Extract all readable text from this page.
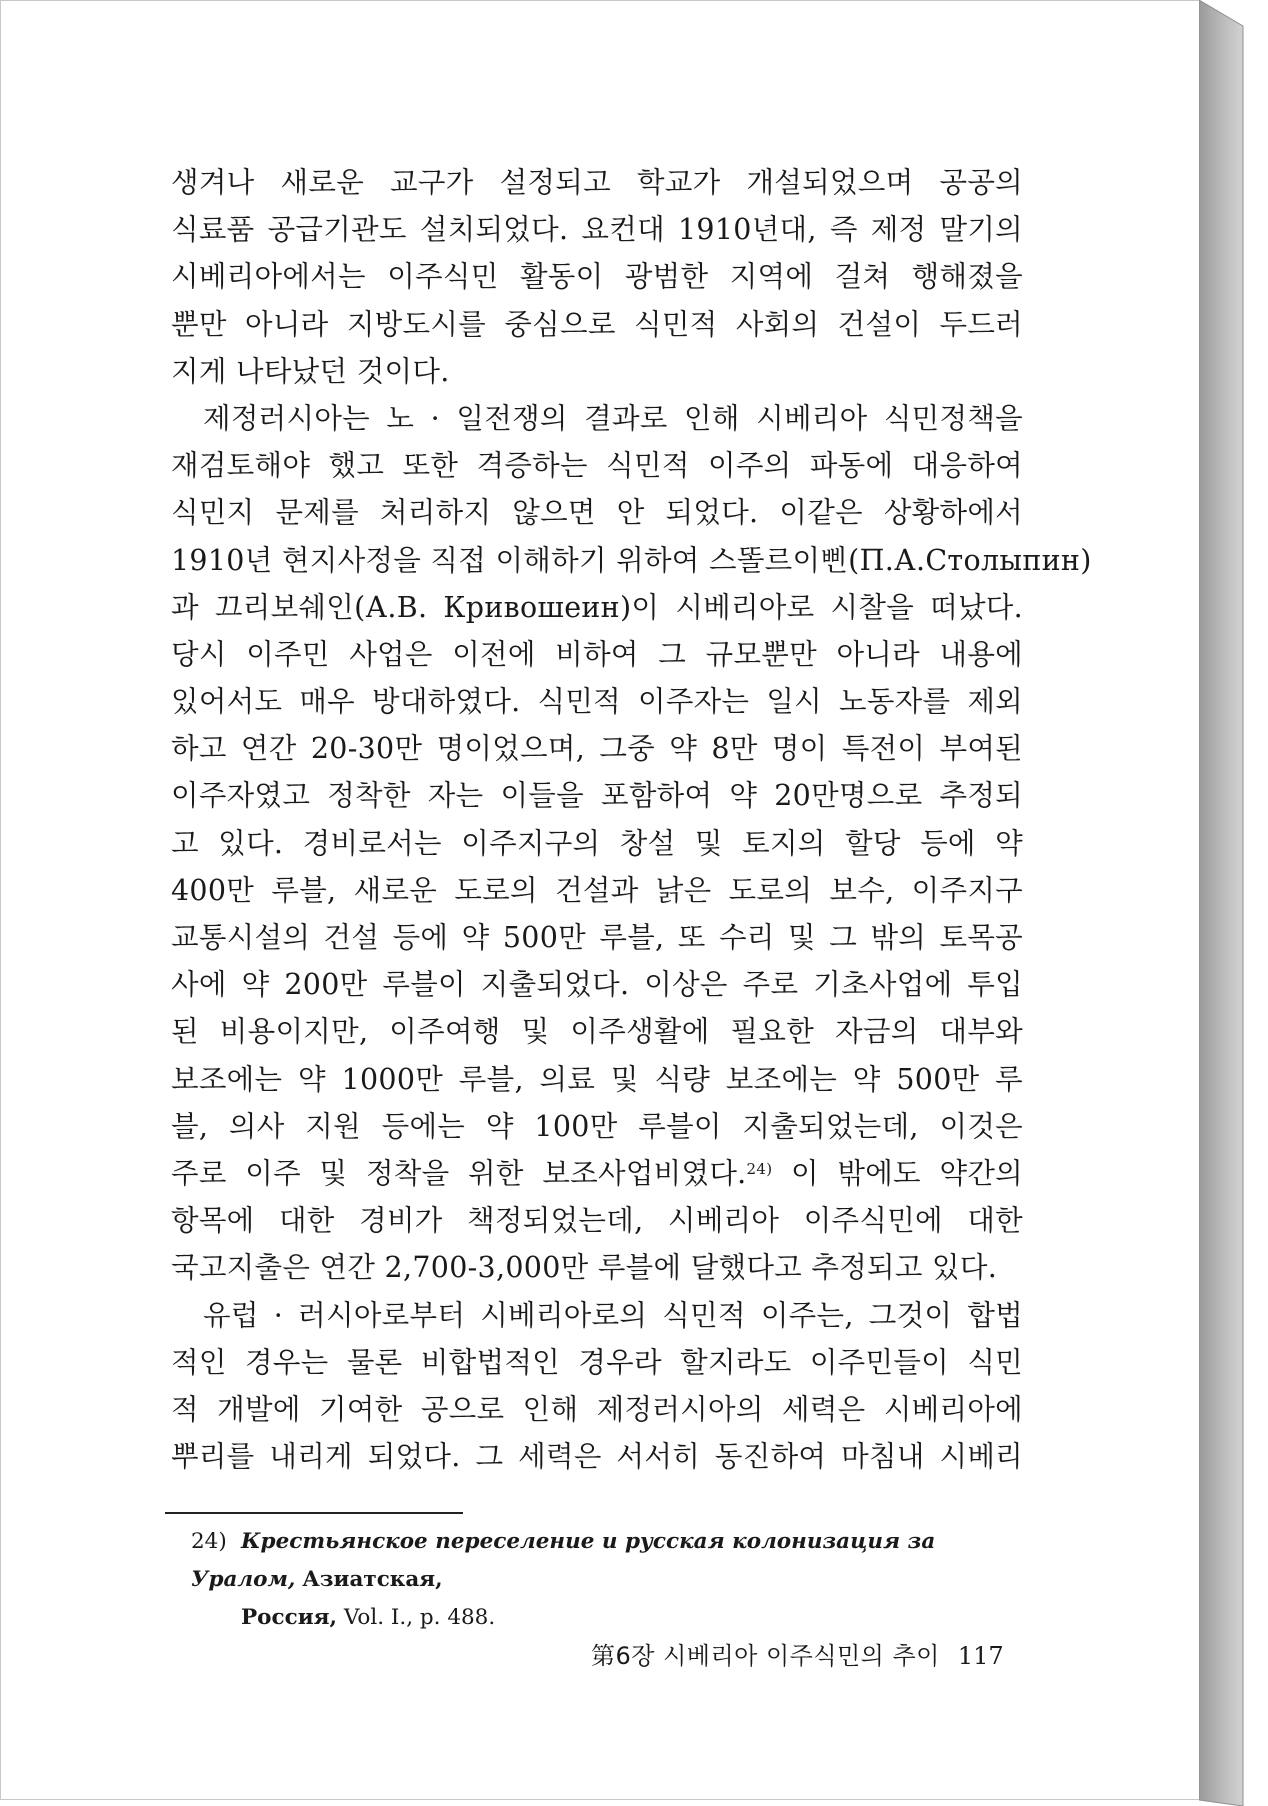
생겨나 새로운 교구가 설정되고 학교가 개설되었으며 공공의
식료품 공급기관도 설치되었다. 요컨대 1910년대, 즉 제정 말기의
시베리아에서는 이주식민 활동이 광범한 지역에 걸쳐 행해졌을
뿐만 아니라 지방도시를 중심으로 식민적 사회의 건설이 두드러
지게 나타났던 것이다.
제정러시아는 노 · 일전쟁의 결과로 인해 시베리아 식민정책을
재검토해야 했고 또한 격증하는 식민적 이주의 파동에 대응하여
식민지 문제를 처리하지 않으면 안 되었다. 이같은 상황하에서
1910년 현지사정을 직접 이해하기 위하여 스똘르이삔(П.А.Столыпин)
과 끄리보쉐인(А.В. Кривошеин)이 시베리아로 시찰을 떠났다.
당시 이주민 사업은 이전에 비하여 그 규모뿐만 아니라 내용에
있어서도 매우 방대하였다. 식민적 이주자는 일시 노동자를 제외
하고 연간 20-30만 명이었으며, 그중 약 8만 명이 특전이 부여된
이주자였고 정착한 자는 이들을 포함하여 약 20만명으로 추정되
고 있다. 경비로서는 이주지구의 창설 및 토지의 할당 등에 약
400만 루블, 새로운 도로의 건설과 낡은 도로의 보수, 이주지구
교통시설의 건설 등에 약 500만 루블, 또 수리 및 그 밖의 토목공
사에 약 200만 루블이 지출되었다. 이상은 주로 기초사업에 투입
된 비용이지만, 이주여행 및 이주생활에 필요한 자금의 대부와
보조에는 약 1000만 루블, 의료 및 식량 보조에는 약 500만 루
블, 의사 지원 등에는 약 100만 루블이 지출되었는데, 이것은
주로 이주 및 정착을 위한 보조사업비였다.$^{24)}$ 이 밖에도 약간의
항목에 대한 경비가 책정되었는데, 시베리아 이주식민에 대한
국고지출은 연간 2,700-3,000만 루블에 달했다고 추정되고 있다.
유럽 · 러시아로부터 시베리아로의 식민적 이주는, 그것이 합법
적인 경우는 물론 비합법적인 경우라 할지라도 이주민들이 식민
적 개발에 기여한 공으로 인해 제정러시아의 세력은 시베리아에
뿌리를 내리게 되었다. 그 세력은 서서히 동진하여 마침내 시베리
24) Крестьянское переселение и русская колонизация за Уралом, Азиатская,
Россия, Vol. I., p. 488.
第6장 시베리아 이주식민의 추이 117
